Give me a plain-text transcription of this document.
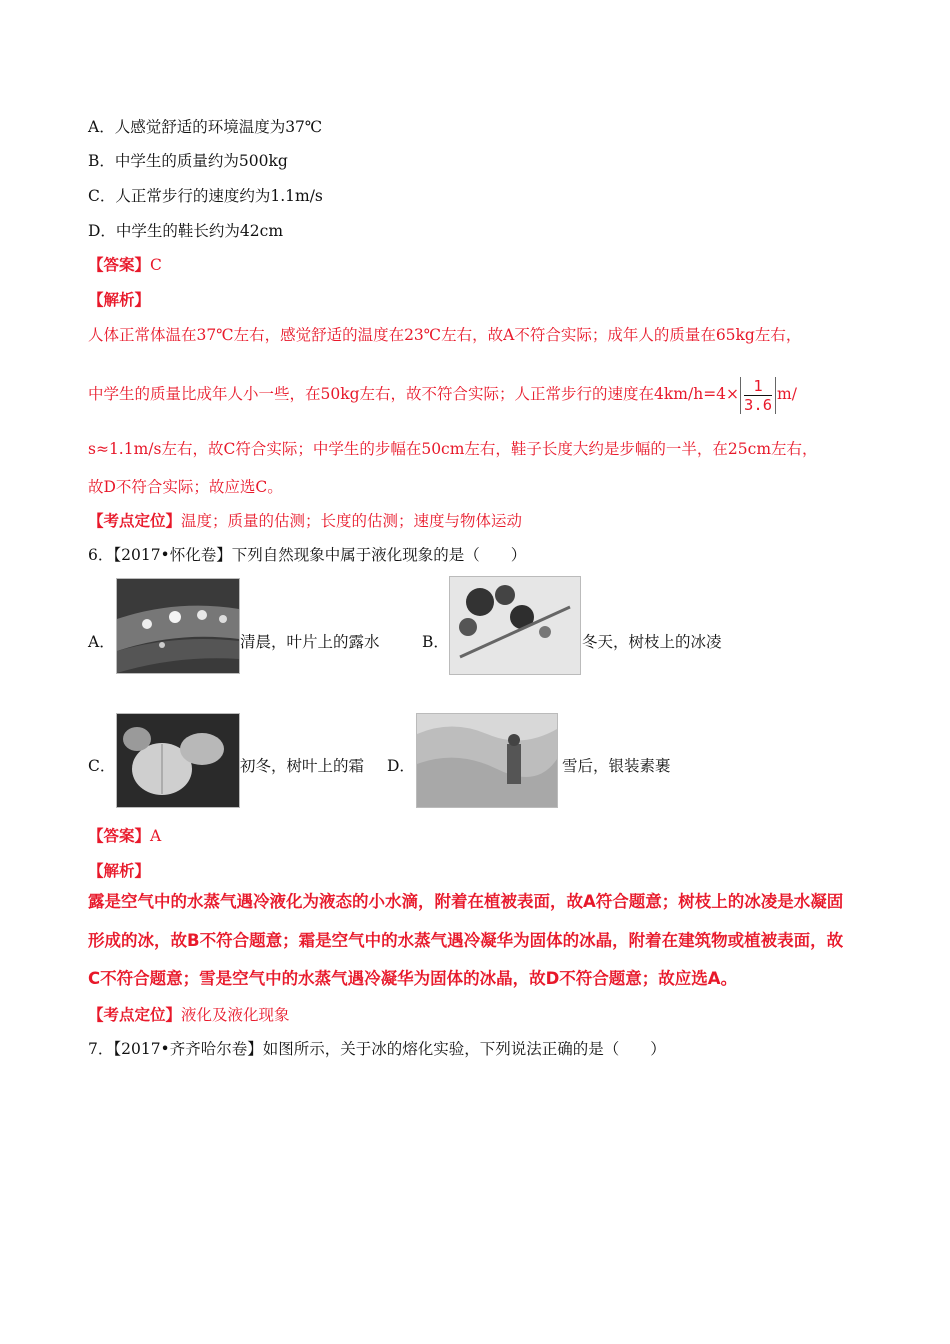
A．人感觉舒适的环境温度为37℃
B．中学生的质量约为500kg
C．人正常步行的速度约为1.1m/s
D．中学生的鞋长约为42cm
【答案】C
【解析】
人体正常体温在37℃左右，感觉舒适的温度在23℃左右，故A不符合实际；成年人的质量在65kg左右，
中学生的质量比成年人小一些，在50kg左右，故不符合实际；人正常步行的速度在$4km/h=4\times \frac{1}{3.6} m/$
s≈1.1m/s左右，故C符合实际；中学生的步幅在50cm左右，鞋子长度大约是步幅的一半，在25cm左右，
故D不符合实际；故应选C。
【考点定位】温度；质量的估测；长度的估测；速度与物体运动
6．【2017•怀化卷】下列自然现象中属于液化现象的是（　　）
A．	清晨，叶片上的露水	B．	冬天，树枝上的冰凌
C．	初冬，树叶上的霜 D．	雪后，银装素裹
【答案】A
【解析】
露是空气中的水蒸气遇冷液化为液态的小水滴，附着在植被表面，故A符合题意；树枝上的冰凌是水凝固
形成的冰，故B不符合题意；霜是空气中的水蒸气遇冷凝华为固体的冰晶，附着在建筑物或植被表面，故
C不符合题意；雪是空气中的水蒸气遇冷凝华为固体的冰晶，故D不符合题意；故应选A。
【考点定位】液化及液化现象
7．【2017•齐齐哈尔卷】如图所示，关于冰的熔化实验，下列说法正确的是（　　）
